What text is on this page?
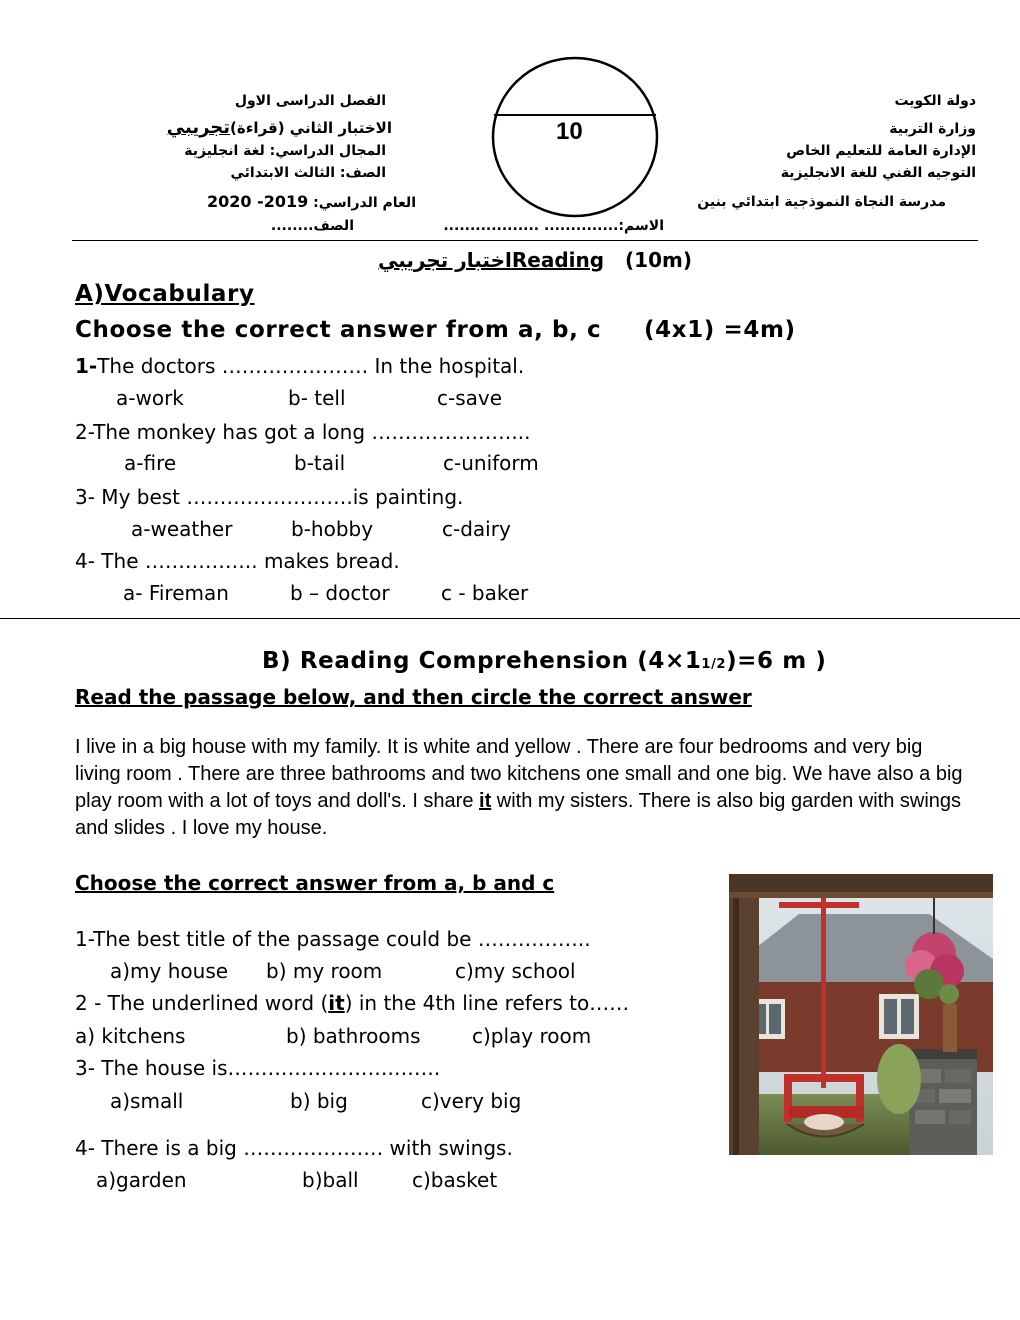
دولة الكويت
وزارة التربية
الإدارة العامة للتعليم الخاص
التوجيه الفني للغة الانجليزية
مدرسة النجاة النموذجية ابتدائي بنين
الفصل الدراسى الاول
الاختبار الثاني (قراءة)تجريبي
المجال الدراسي: لغة انجليزية
الصف: الثالث الابتدائي
العام الدراسي: 2020 -2019
الصف........	الاسم:.............. ..................
10
اختبار تجريبيReading (10m)
A)Vocabulary
Choose the correct answer from a, b, c (4x1) =4m)
1-The doctors …………………. In the hospital.
a-work	b- tell	c-save
2-The monkey has got a long …………………...
a-fire	b-tail	c-uniform
3- My best …………………….is painting.
a-weather	b-hobby	c-dairy
4- The …………….. makes bread.
a- Fireman	b – doctor	c - baker
B) Reading Comprehension (4×11/2)=6 m )
Read the passage below, and then circle the correct answer
I live in a big house with my family. It is white and yellow . There are four bedrooms and very big living room . There are three bathrooms and two kitchens one small and one big. We have also a big play room with a lot of toys and doll's. I share it with my sisters. There is also big garden with swings and slides . I love my house.
Choose the correct answer from a, b and c
1-The best title of the passage could be ……………..
a)my house b) my room	c)my school
2 - The underlined word (it) in the 4th line refers to……
a) kitchens	b) bathrooms	c)play room
3- The house is…………………….…….
a)small	b) big	c)very big
4- There is a big ………………… with swings.
a)garden	b)ball	c)basket
